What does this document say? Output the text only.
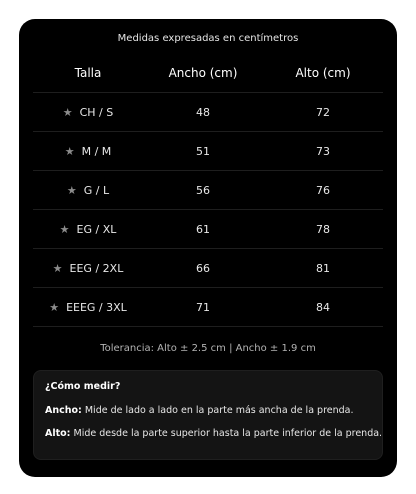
Medidas expresadas en centímetros
Talla	Ancho (cm)	Alto (cm)
★ CH / S	48	72
★ M / M	51	73
★ G / L	56	76
★ EG / XL	61	78
★ EEG / 2XL	66	81
★ EEEG / 3XL	71	84
Tolerancia: Alto ± 2.5 cm | Ancho ± 1.9 cm
¿Cómo medir?
Ancho: Mide de lado a lado en la parte más ancha de la prenda.
Alto: Mide desde la parte superior hasta la parte inferior de la prenda.
